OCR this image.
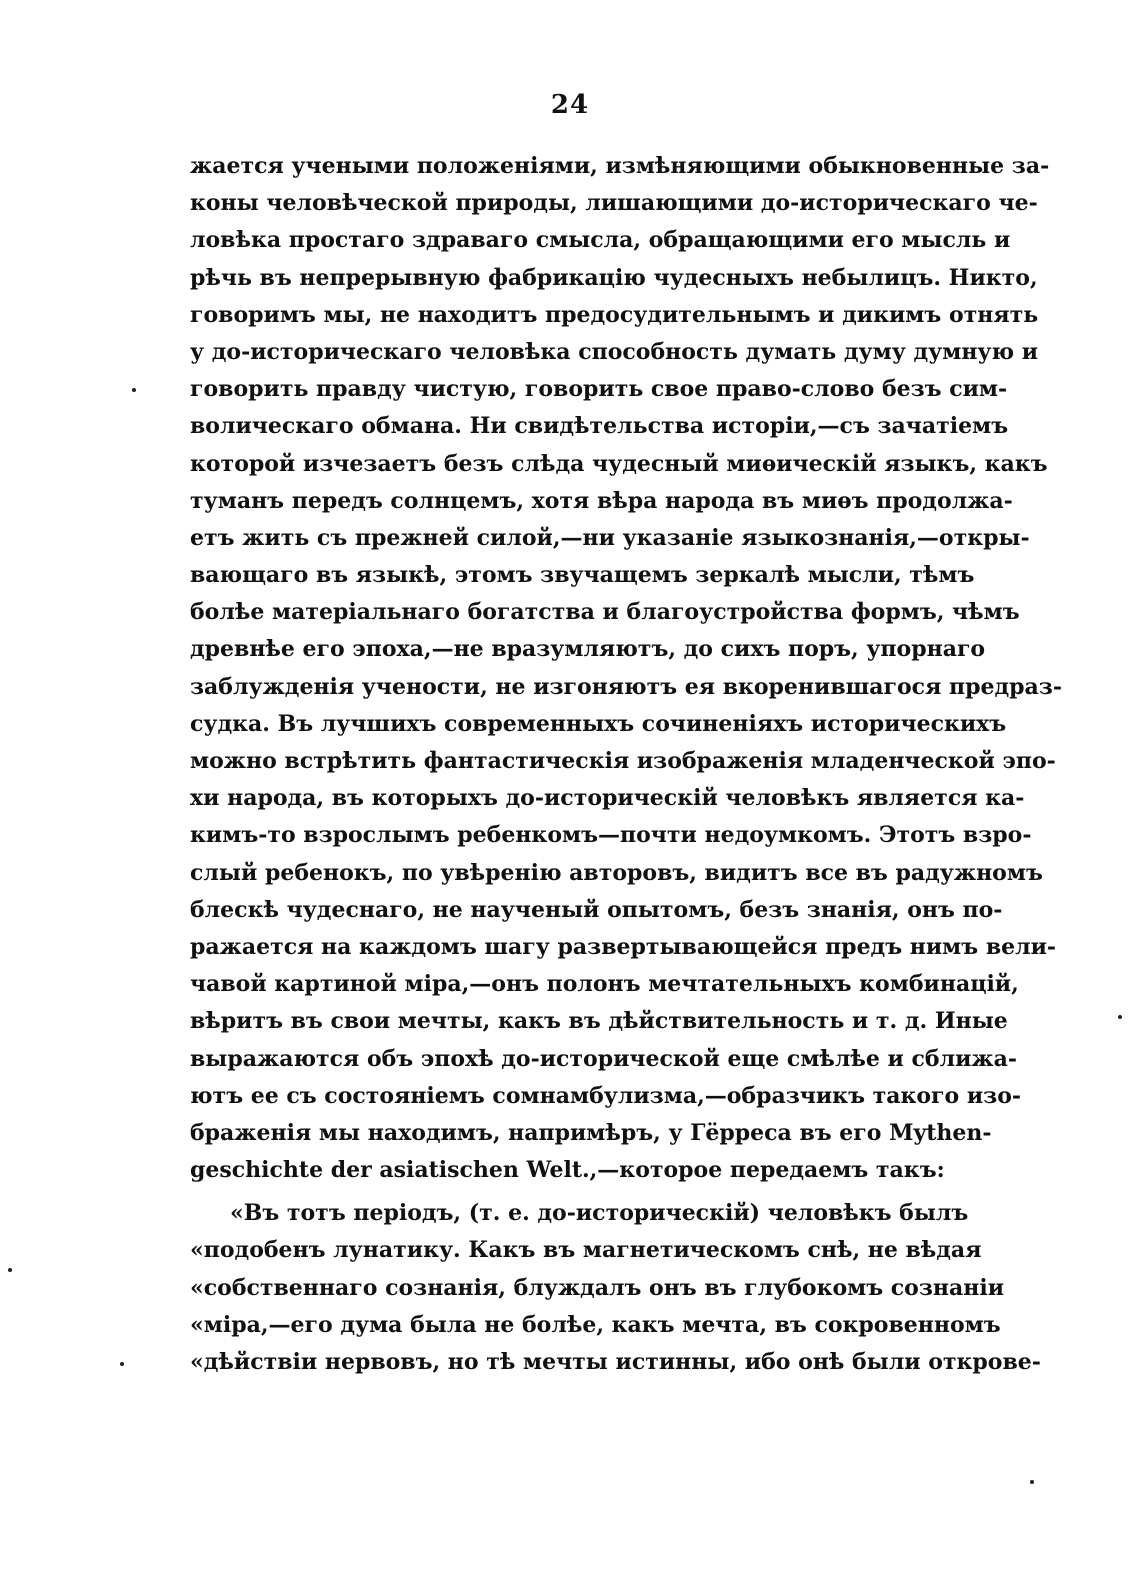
24
жается учеными положеніями, измѣняющими обыкновенные за-
коны человѣческой природы, лишающими до-историческаго че-
ловѣка простаго здраваго смысла, обращающими его мысль и
рѣчь въ непрерывную фабрикацію чудесныхъ небылицъ. Никто,
говоримъ мы, не находитъ предосудительнымъ и дикимъ отнять
у до-историческаго человѣка способность думать думу думную и
говорить правду чистую, говорить свое право-слово безъ сим-
волическаго обмана. Ни свидѣтельства исторіи,—съ зачатіемъ
которой изчезаетъ безъ слѣда чудесный миѳическій языкъ, какъ
туманъ передъ солнцемъ, хотя вѣра народа въ миѳъ продолжа-
етъ жить съ прежней силой,—ни указаніе языкознанія,—откры-
вающаго въ языкѣ, этомъ звучащемъ зеркалѣ мысли, тѣмъ
болѣе матеріальнаго богатства и благоустройства формъ, чѣмъ
древнѣе его эпоха,—не вразумляютъ, до сихъ поръ, упорнаго
заблужденія учености, не изгоняютъ ея вкоренившагося предраз-
судка. Въ лучшихъ современныхъ сочиненіяхъ историческихъ
можно встрѣтить фантастическія изображенія младенческой эпо-
хи народа, въ которыхъ до-историческій человѣкъ является ка-
кимъ-то взрослымъ ребенкомъ—почти недоумкомъ. Этотъ взро-
слый ребенокъ, по увѣренію авторовъ, видитъ все въ радужномъ
блескѣ чудеснаго, не наученый опытомъ, безъ знанія, онъ по-
ражается на каждомъ шагу развертывающейся предъ нимъ вели-
чавой картиной міра,—онъ полонъ мечтательныхъ комбинацій,
вѣритъ въ свои мечты, какъ въ дѣйствительность и т. д. Иные
выражаются объ эпохѣ до-исторической еще смѣлѣе и сближа-
ютъ ее съ состояніемъ сомнамбулизма,—образчикъ такого изо-
браженія мы находимъ, напримѣръ, у Гёрреса въ его Mythen-
geschichte der asiatischen Welt.,—которое передаемъ такъ:
«Въ тотъ періодъ, (т. е. до-историческій) человѣкъ былъ
«подобенъ лунатику. Какъ въ магнетическомъ снѣ, не вѣдая
«собственнаго сознанія, блуждалъ онъ въ глубокомъ сознаніи
«міра,—его дума была не болѣе, какъ мечта, въ сокровенномъ
«дѣйствіи нервовъ, но тѣ мечты истинны, ибо онѣ были открове-
